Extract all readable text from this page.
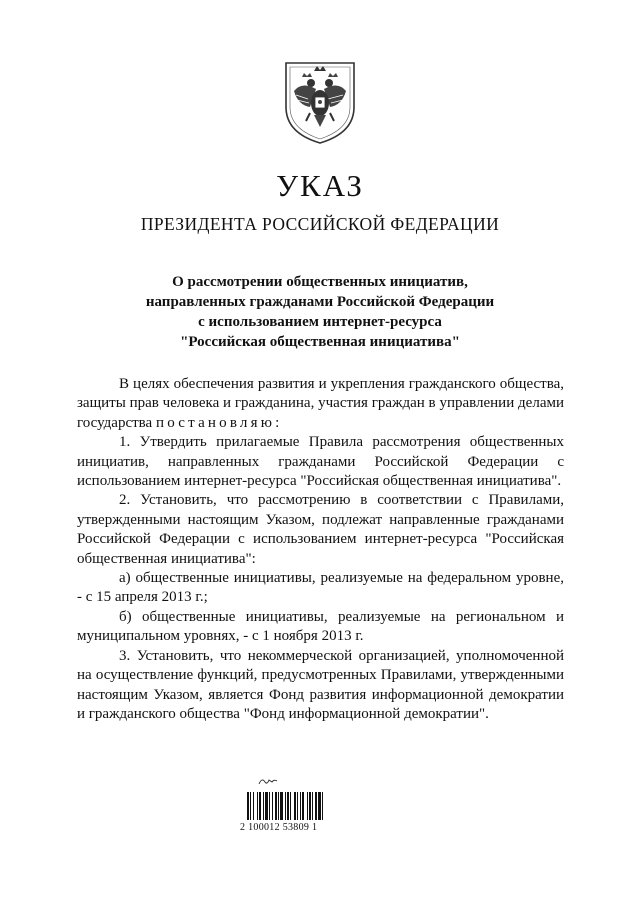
УКАЗ
ПРЕЗИДЕНТА РОССИЙСКОЙ ФЕДЕРАЦИИ
О рассмотрении общественных инициатив,
направленных гражданами Российской Федерации
с использованием интернет-ресурса
"Российская общественная инициатива"

В целях обеспечения развития и укрепления гражданского общества, защиты прав человека и гражданина, участия граждан в управлении делами государства постановляю:

1. Утвердить прилагаемые Правила рассмотрения общественных инициатив, направленных гражданами Российской Федерации с использованием интернет-ресурса "Российская общественная инициатива".

2. Установить, что рассмотрению в соответствии с Правилами, утвержденными настоящим Указом, подлежат направленные гражданами Российской Федерации с использованием интернет-ресурса "Российская общественная инициатива":

а) общественные инициативы, реализуемые на федеральном уровне, - с 15 апреля 2013 г.;

б) общественные инициативы, реализуемые на региональном и муниципальном уровнях, - с 1 ноября 2013 г.

3. Установить, что некоммерческой организацией, уполномоченной на осуществление функций, предусмотренных Правилами, утвержденными настоящим Указом, является Фонд развития информационной демократии и гражданского общества "Фонд информационной демократии".

2 100012 53809 1
